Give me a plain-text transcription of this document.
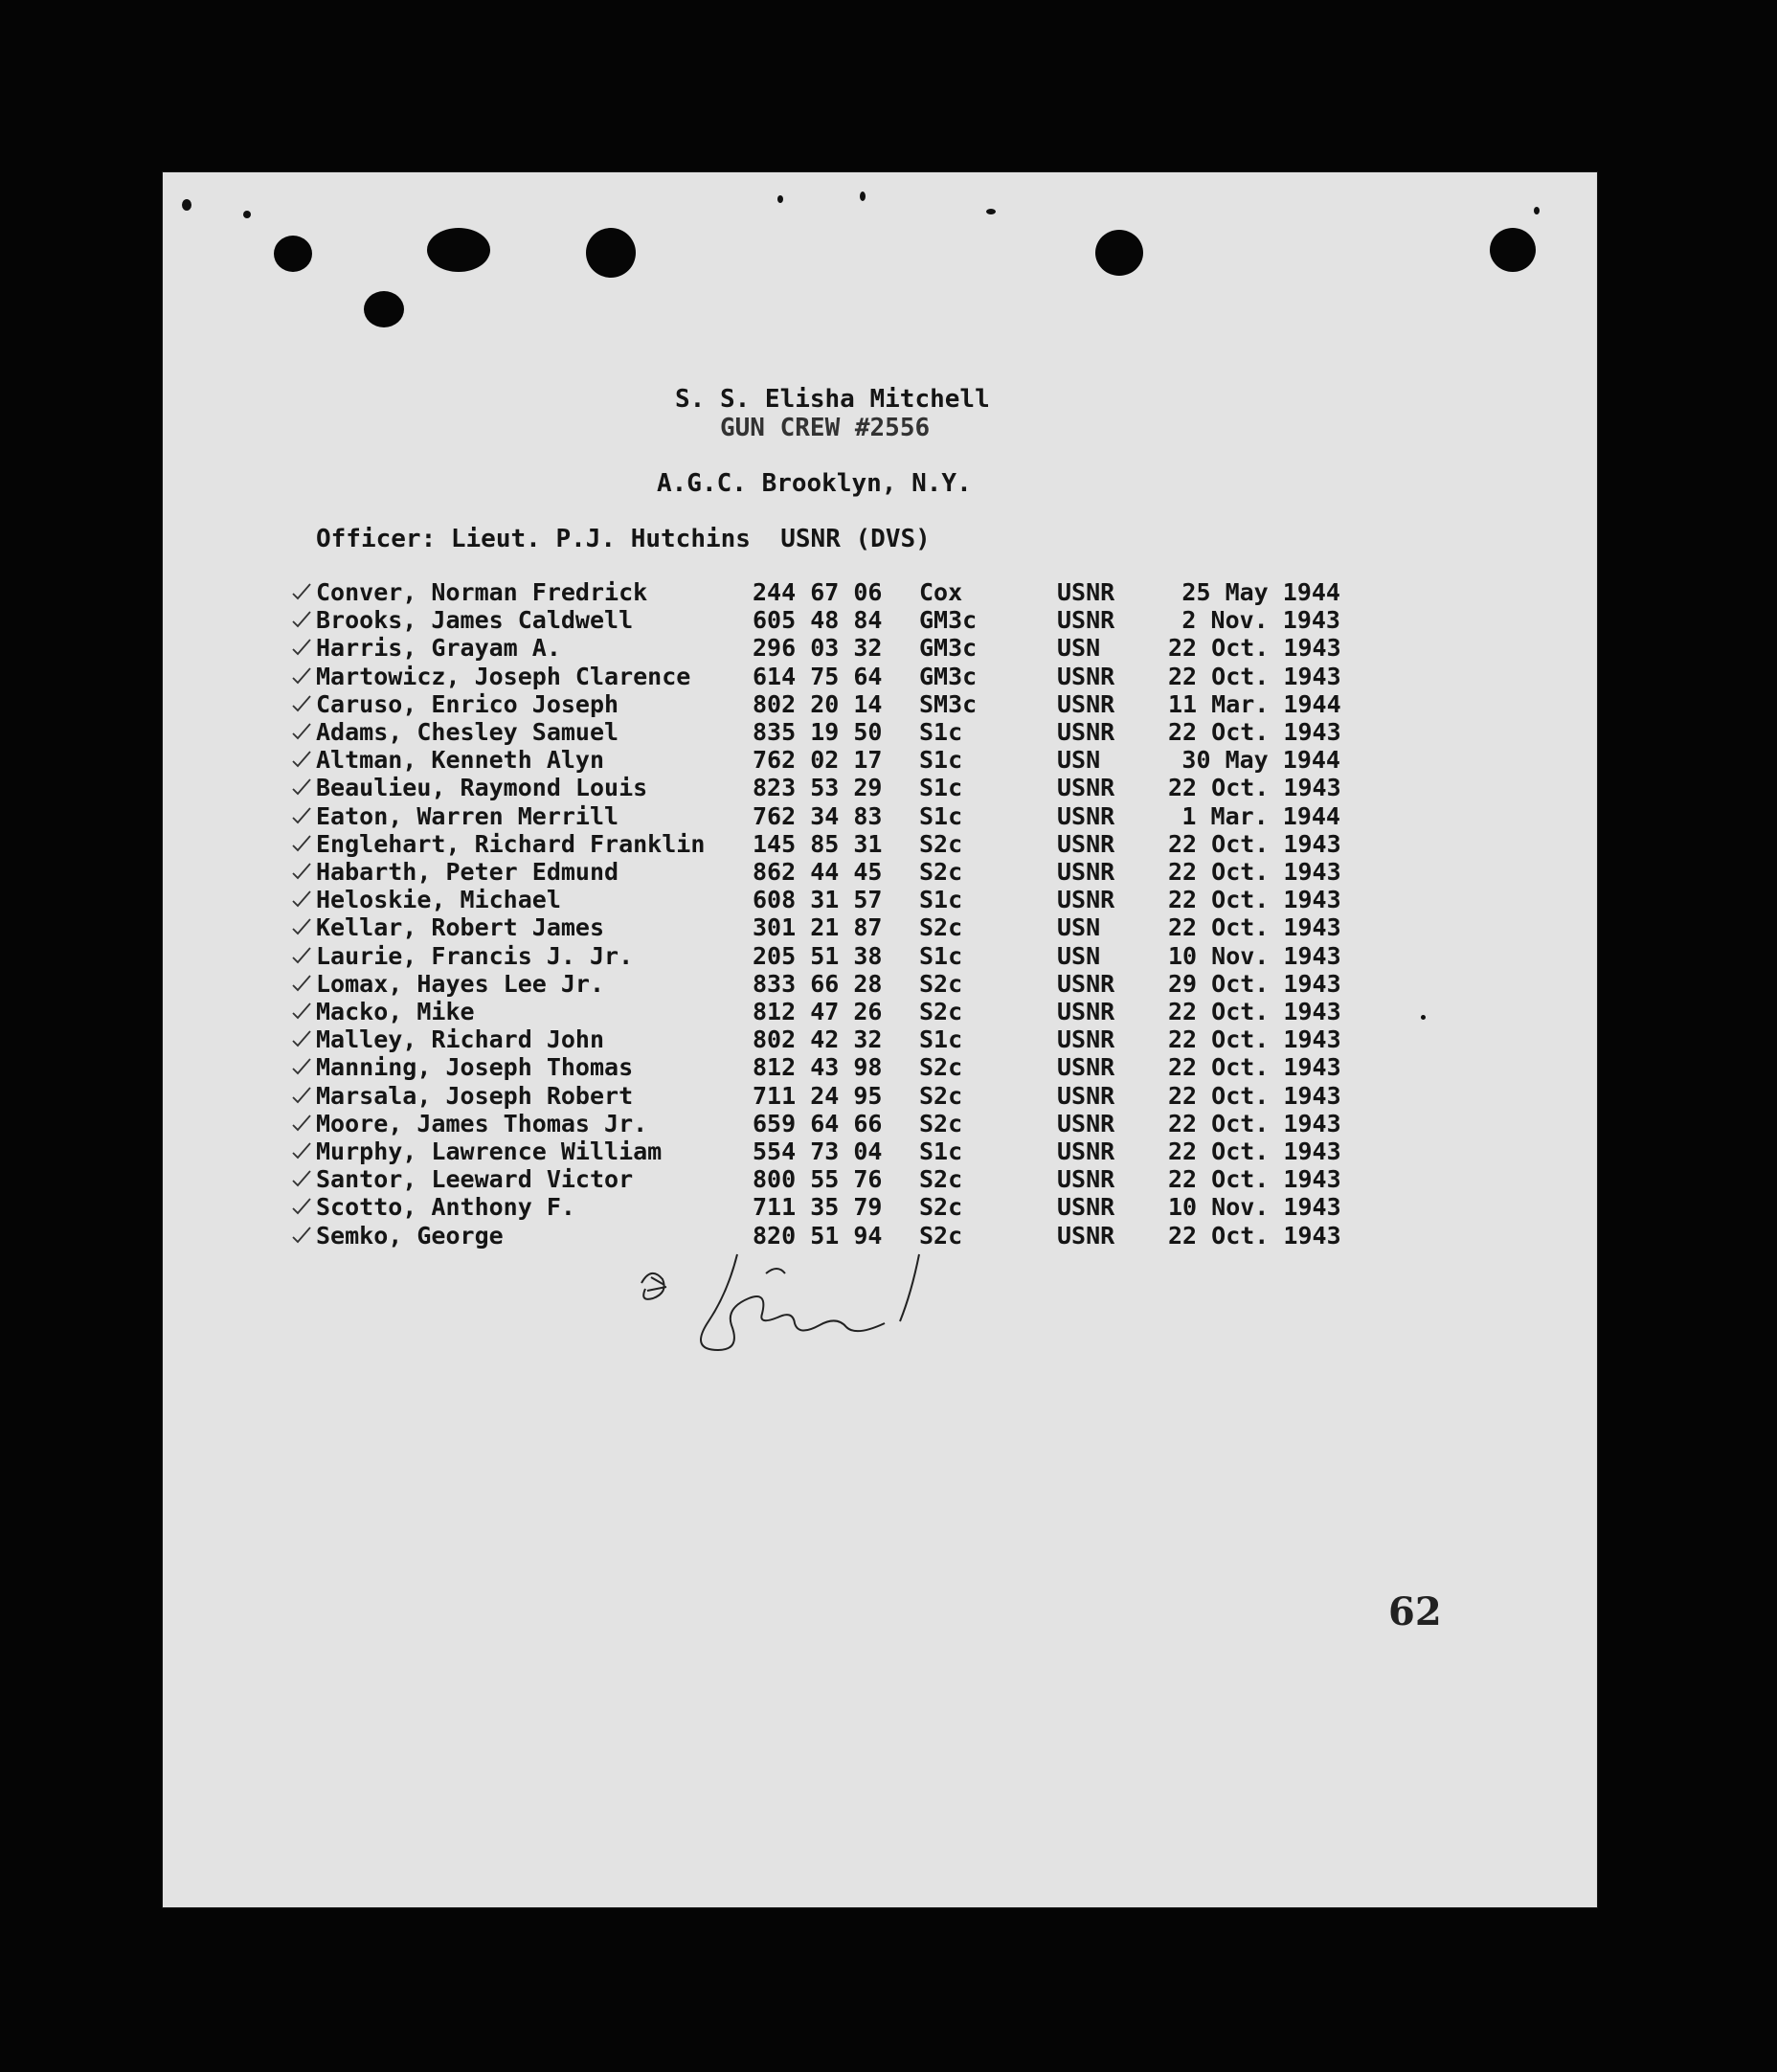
S. S. Elisha Mitchell
GUN CREW #2556
A.G.C. Brooklyn, N.Y.
Officer: Lieut. P.J. Hutchins  USNR (DVS)
Conver, Norman Fredrick	244 67 06 Cox	USNR	25 May 1944
Brooks, James Caldwell	605 48 84 GM3c	USNR	2 Nov. 1943
Harris, Grayam A.	296 03 32 GM3c	USN	22 Oct. 1943
Martowicz, Joseph Clarence	614 75 64 GM3c	USNR 22 Oct. 1943
Caruso, Enrico Joseph	802 20 14 SM3c	USNR 11 Mar. 1944
Adams, Chesley Samuel	835 19 50 S1c	USNR 22 Oct. 1943
Altman, Kenneth Alyn	762 02 17 S1c	USN	30 May 1944
Beaulieu, Raymond Louis	823 53 29 S1c	USNR 22 Oct. 1943
Eaton, Warren Merrill	762 34 83 S1c	USNR	1 Mar. 1944
Englehart, Richard Franklin 145 85 31 S2c	USNR 22 Oct. 1943
Habarth, Peter Edmund	862 44 45 S2c	USNR 22 Oct. 1943
Heloskie, Michael	608 31 57 S1c	USNR 22 Oct. 1943
Kellar, Robert James	301 21 87 S2c	USN	22 Oct. 1943
Laurie, Francis J. Jr.	205 51 38 S1c	USN	10 Nov. 1943
Lomax, Hayes Lee Jr.	833 66 28 S2c	USNR 29 Oct. 1943
Macko, Mike	812 47 26 S2c	USNR 22 Oct. 1943
Malley, Richard John	802 42 32 S1c	USNR 22 Oct. 1943
Manning, Joseph Thomas	812 43 98 S2c	USNR 22 Oct. 1943
Marsala, Joseph Robert	711 24 95 S2c	USNR 22 Oct. 1943
Moore, James Thomas Jr.	659 64 66 S2c	USNR 22 Oct. 1943
Murphy, Lawrence William	554 73 04 S1c	USNR 22 Oct. 1943
Santor, Leeward Victor	800 55 76 S2c	USNR 22 Oct. 1943
Scotto, Anthony F.	711 35 79 S2c	USNR 10 Nov. 1943
Semko, George	820 51 94 S2c	USNR 22 Oct. 1943
62
